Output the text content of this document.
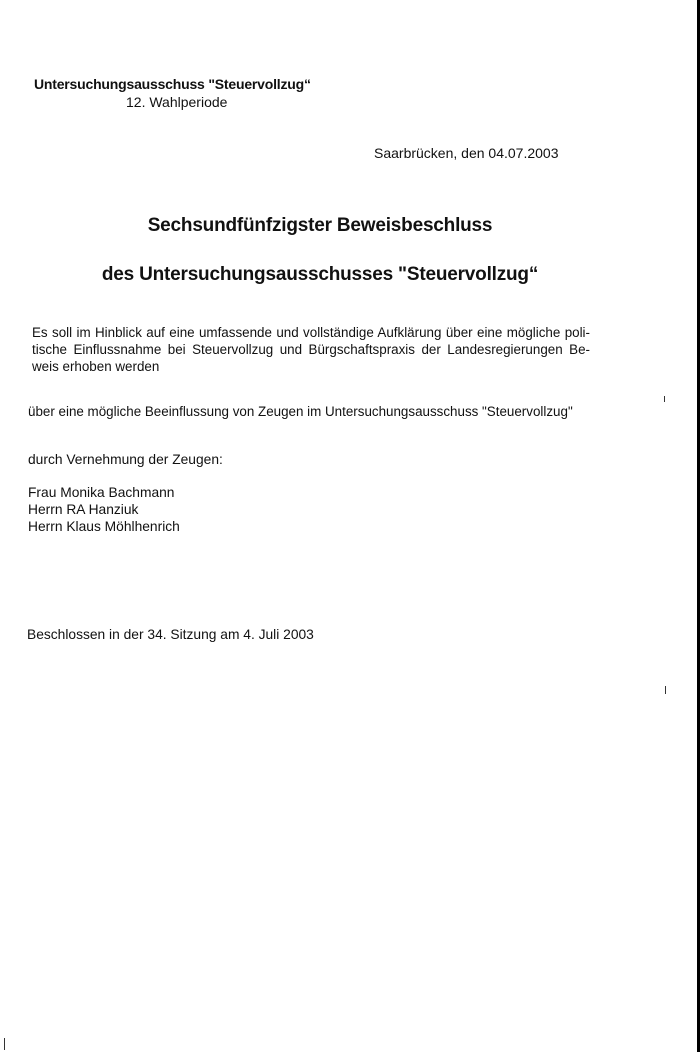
Untersuchungsausschuss "Steuervollzug“
12. Wahlperiode
Saarbrücken, den 04.07.2003
Sechsundfünfzigster Beweisbeschluss
des Untersuchungsausschusses "Steuervollzug“
Es soll im Hinblick auf eine umfassende und vollständige Aufklärung über eine mögliche poli-tische Einflussnahme bei Steuervollzug und Bürgschaftspraxis der Landesregierungen Be-weis erhoben werden
über eine mögliche Beeinflussung von Zeugen im Untersuchungsausschuss "Steuervollzug"
durch Vernehmung der Zeugen:
Frau Monika Bachmann
Herrn RA Hanziuk
Herrn Klaus Möhlhenrich
Beschlossen in der 34. Sitzung am 4. Juli 2003
